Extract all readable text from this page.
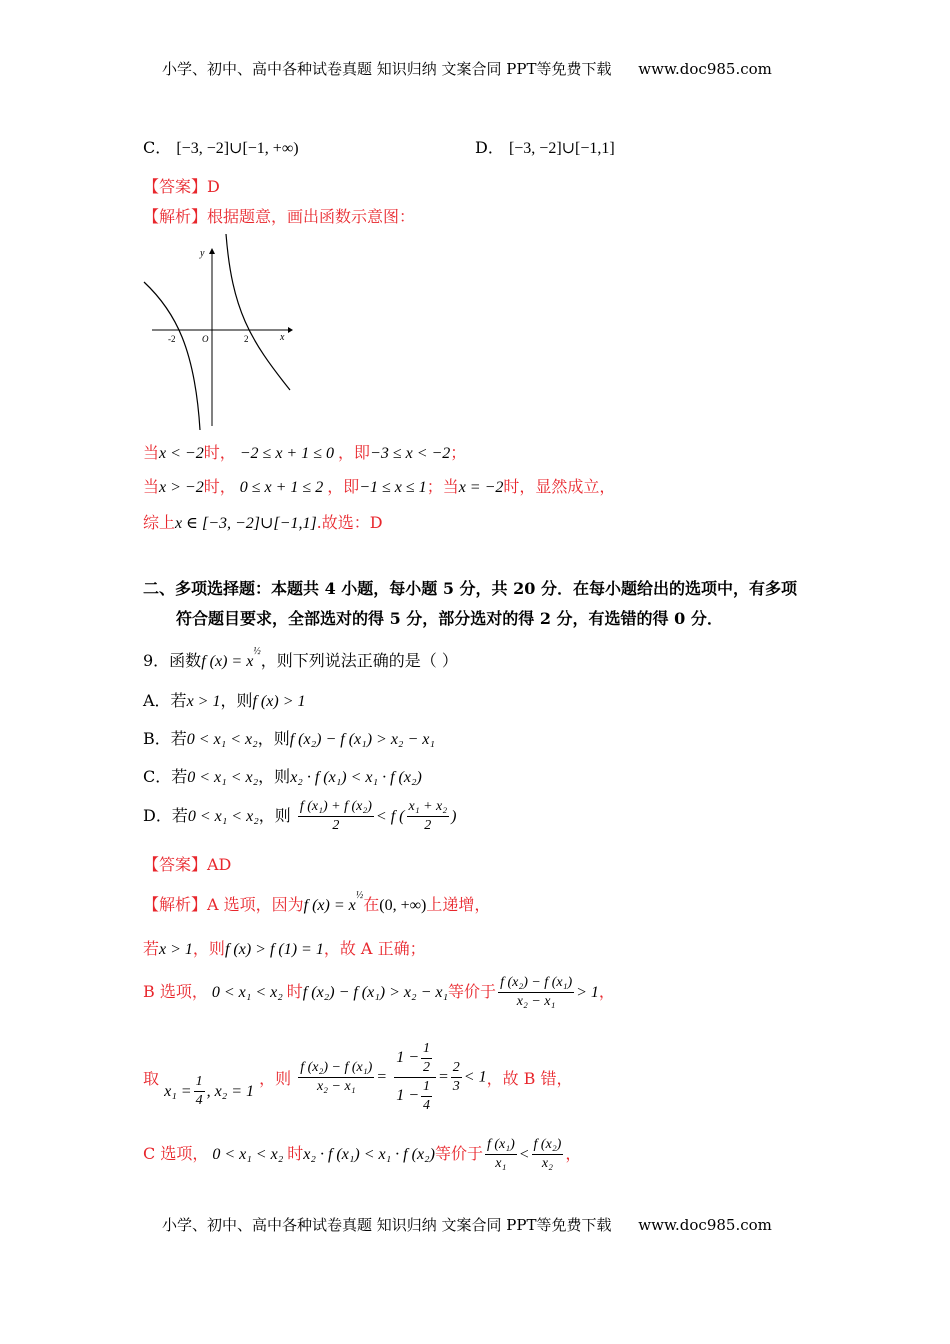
小学、初中、高中各种试卷真题 知识归纳 文案合同 PPT等免费下载 www.doc985.com
C． [−3, −2]∪[−1, +∞)	D． [−3, −2]∪[−1,1]
【答案】D
【解析】根据题意，画出函数示意图：
y
x
O
-2	2
当x < −2时， −2 ≤ x + 1 ≤ 0 ，即−3 ≤ x < −2；
当x > −2时， 0 ≤ x + 1 ≤ 2 ，即−1 ≤ x ≤ 1；当x = −2时，显然成立，
综上x ∈ [−3, −2]∪[−1,1].故选：D
二、多项选择题：本题共 4 小题，每小题 5 分，共 20 分．在每小题给出的选项中，有多项
符合题目要求，全部选对的得 5 分，部分选对的得 2 分，有选错的得 0 分．
9．函数f $(x) = x^{\frac{1}{2}}$，则下列说法正确的是（ ）
A．若x > 1，则f (x) > 1
B．若0 < x₁ < x₂，则f (x₂) − f (x₁) > x₂ − x₁
C．若0 < x₁ < x₂，则x₂ · f (x₁) < x₁ · f (x₂)
D．若0 < x₁ < x₂，则 $\frac{\text{f (x₁) + f (x₂)}}{2} < f$ ( $\frac{\text{x₁ + x₂}}{2}$ )
【答案】AD
【解析】A 选项，因为f $(x) = x^{\frac{1}{2}}$在(0, +∞)上递增，
若x > 1，则f (x) > f (1) = 1，故 A 正确；
B 选项， 0 < x₁ < x₂ 时f (x₂) − f (x₁) > x₂ − x₁等价于 $\frac{\text{f (x₂) − f (x₁)}}{\text{x₂ − x₁}} > 1$，
取 $x_1 = \frac{1}{4}$ , x₂ = 1 ，则 $\frac{\text{f (x₂) − f (x₁)}}{\text{x₂ − x₁}} = \frac{1 - \frac{1}{2}}{1 - \frac{1}{4}} = \frac{2}{3} < 1$，故 B 错，
C 选项， 0 < x₁ < x₂ 时x₂ · f (x₁) < x₁ · f (x₂)等价于 $\frac{\text{f (x₁)}}{\text{x₁}} < \frac{\text{f (x₂)}}{\text{x₂}}$ ，
小学、初中、高中各种试卷真题 知识归纳 文案合同 PPT等免费下载 www.doc985.com
